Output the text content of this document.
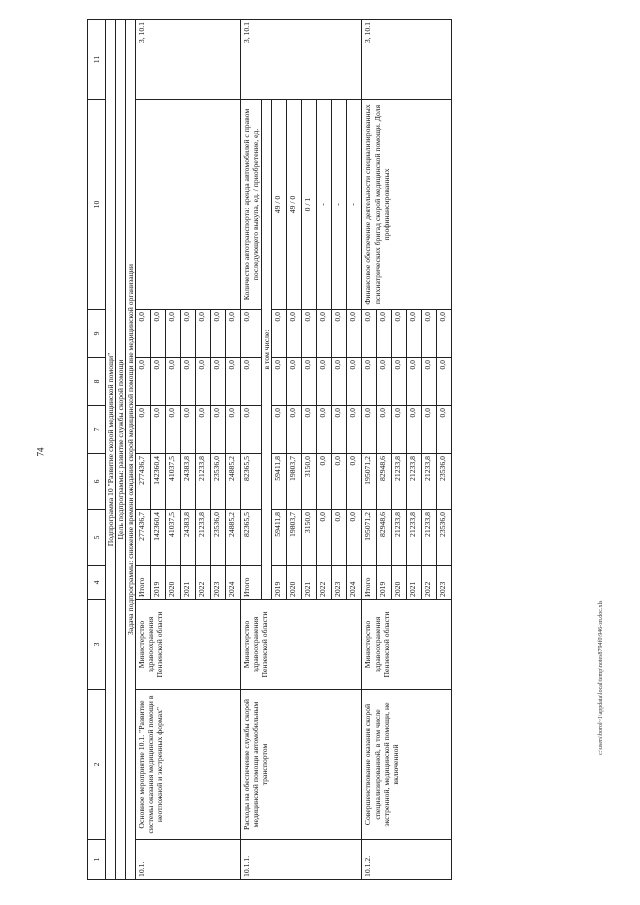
74
c:\users\borol~1\appdata\local\temp\notes8794f0\946-зп.doc.xls
1	2	3	4	5	6	7	8	9	10	11
Подпрограмма 10 "Развитие скорой медицинской помощи"										
Цель подпрограммы: развитие службы скорой помощи										
Задача подпрограммы: снижение времени ожидания скорой медицинской помощи вне медицинской организации										
10.1.	Основное мероприятие 10.1. "Развитие системы оказания медицинской помощи в неотложной и экстренных формах"	Министерство здравоохранения Пензенской области	Итого	277436,7	277436,7	0,0	0,0	0,0		3, 10.1
			2019	142360,4	142360,4	0,0	0,0	0,0		
			2020	41037,5	41037,5	0,0	0,0	0,0		
			2021	24383,8	24383,8	0,0	0,0	0,0		
			2022	21233,8	21233,8	0,0	0,0	0,0		
			2023	23536,0	23536,0	0,0	0,0	0,0		
			2024	24885,2	24885,2	0,0	0,0	0,0		
10.1.1.	Расходы на обеспечение службы скорой медицинской помощи автомобильным транспортом	Министерство здравоохранения Пензенской области	Итого	82365,5	82365,5	0,0	0,0	0,0	Количество автотранспорта: аренда автомобилей с правом последующего выкупа, ед. / приобретение, ед.	3, 10.1
			в том числе:							
			2019	59411,8	59411,8	0,0	0,0	0,0	49 / 0	
			2020	19803,7	19803,7	0,0	0,0	0,0	49 / 0	
			2021	3150,0	3150,0	0,0	0,0	0,0	0 / 1	
			2022	0,0	0,0	0,0	0,0	0,0	-	
			2023	0,0	0,0	0,0	0,0	0,0	-	
			2024	0,0	0,0	0,0	0,0	0,0	-	
10.1.2.	Совершенствование оказания скорой специализированной, в том числе экстренной, медицинской помощи, не включенной	Министерство здравоохранения Пензенской области	Итого	195071,2	195071,2	0,0	0,0	0,0	Финансовое обеспечение деятельности специализированных психиатрических бригад скорой медицинской помощи. Доля профинансированных	3, 10.1
			2019	82948,6	82948,6	0,0	0,0	0,0		
			2020	21233,8	21233,8	0,0	0,0	0,0		
			2021	21233,8	21233,8	0,0	0,0	0,0		
			2022	21233,8	21233,8	0,0	0,0	0,0		
			2023	23536,0	23536,0	0,0	0,0	0,0		
